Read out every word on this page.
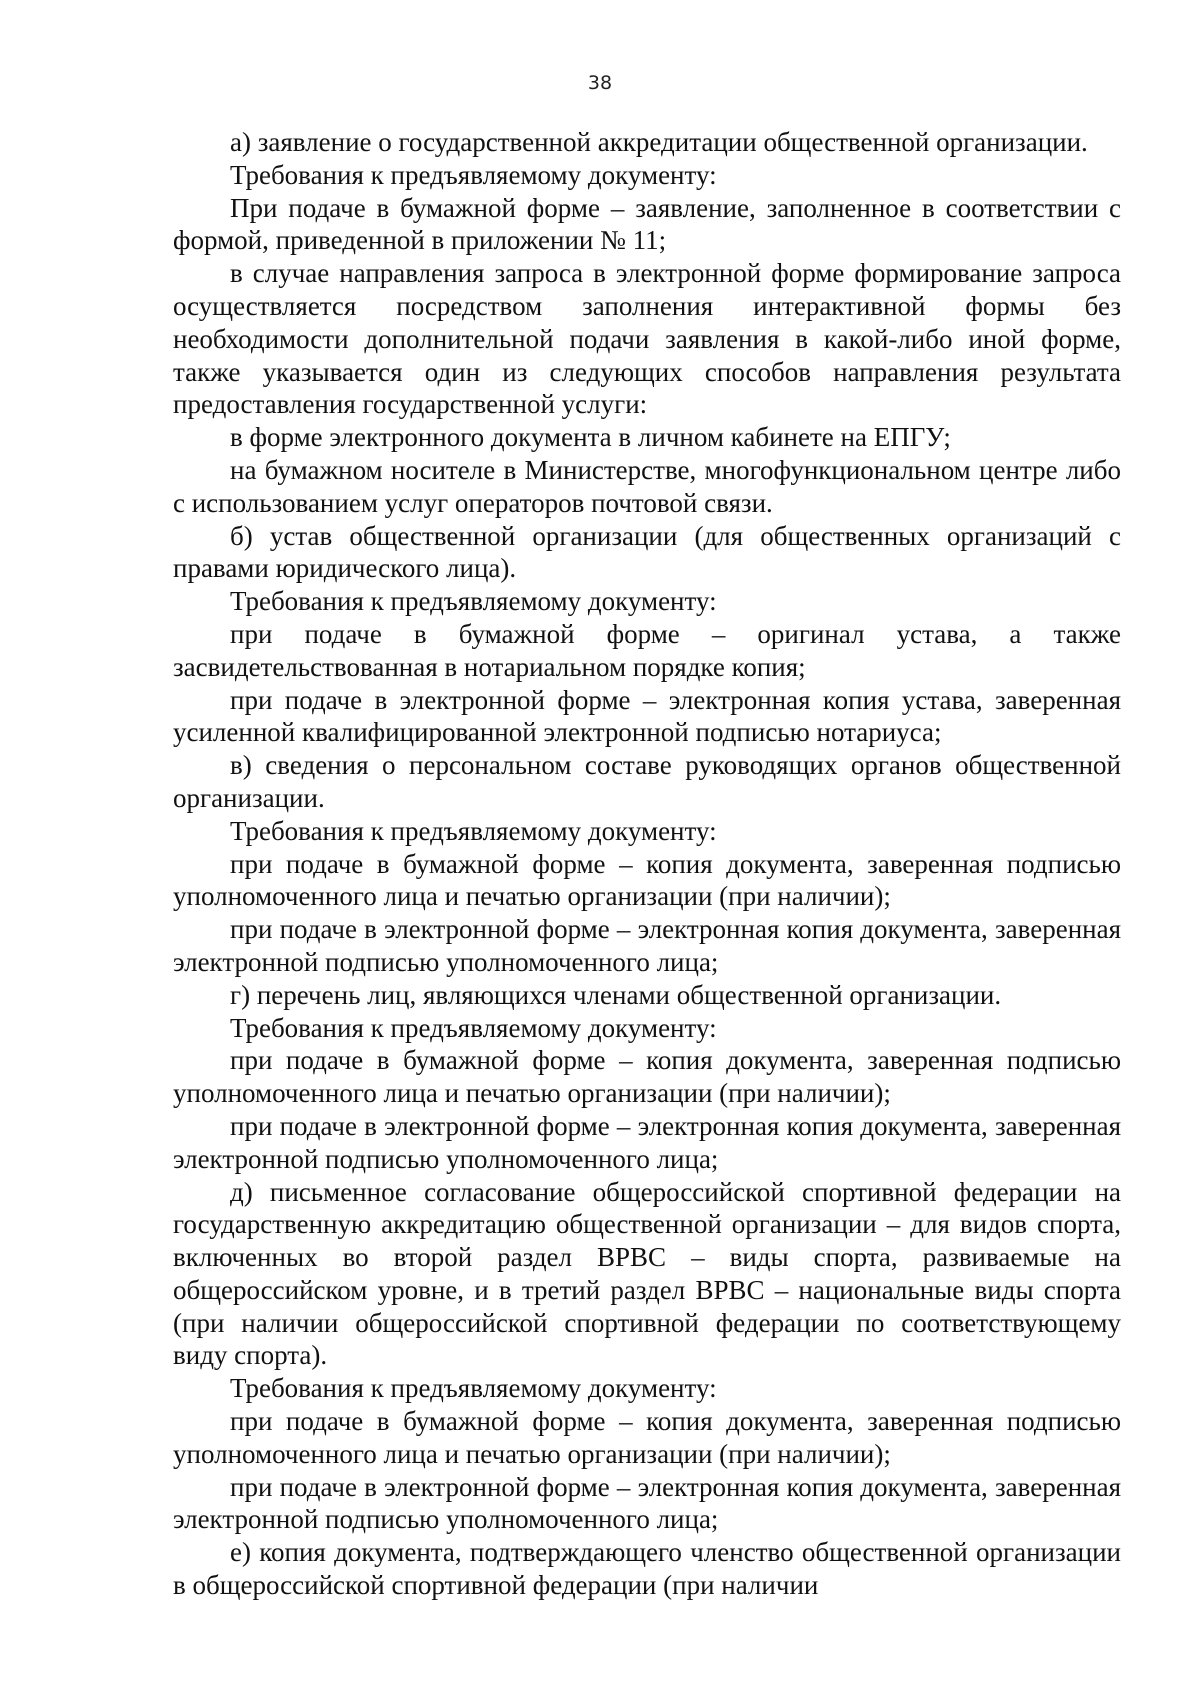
38

а) заявление о государственной аккредитации общественной организации.

Требования к предъявляемому документу:

При подаче в бумажной форме – заявление, заполненное в соответствии с формой, приведенной в приложении № 11;

в случае направления запроса в электронной форме формирование запроса осуществляется посредством заполнения интерактивной формы без необходимости дополнительной подачи заявления в какой-либо иной форме, также указывается один из следующих способов направления результата предоставления государственной услуги:

в форме электронного документа в личном кабинете на ЕПГУ;

на бумажном носителе в Министерстве, многофункциональном центре либо с использованием услуг операторов почтовой связи.

б) устав общественной организации (для общественных организаций с правами юридического лица).

Требования к предъявляемому документу:

при подаче в бумажной форме – оригинал устава, а также засвидетельствованная в нотариальном порядке копия;

при подаче в электронной форме – электронная копия устава, заверенная усиленной квалифицированной электронной подписью нотариуса;

в) сведения о персональном составе руководящих органов общественной организации.

Требования к предъявляемому документу:

при подаче в бумажной форме – копия документа, заверенная подписью уполномоченного лица и печатью организации (при наличии);

при подаче в электронной форме – электронная копия документа, заверенная электронной подписью уполномоченного лица;

г) перечень лиц, являющихся членами общественной организации.

Требования к предъявляемому документу:

при подаче в бумажной форме – копия документа, заверенная подписью уполномоченного лица и печатью организации (при наличии);

при подаче в электронной форме – электронная копия документа, заверенная электронной подписью уполномоченного лица;

д) письменное согласование общероссийской спортивной федерации на государственную аккредитацию общественной организации – для видов спорта, включенных во второй раздел ВРВС – виды спорта, развиваемые на общероссийском уровне, и в третий раздел ВРВС – национальные виды спорта (при наличии общероссийской спортивной федерации по соответствующему виду спорта).

Требования к предъявляемому документу:

при подаче в бумажной форме – копия документа, заверенная подписью уполномоченного лица и печатью организации (при наличии);

при подаче в электронной форме – электронная копия документа, заверенная электронной подписью уполномоченного лица;

е) копия документа, подтверждающего членство общественной организации в общероссийской спортивной федерации (при наличии
